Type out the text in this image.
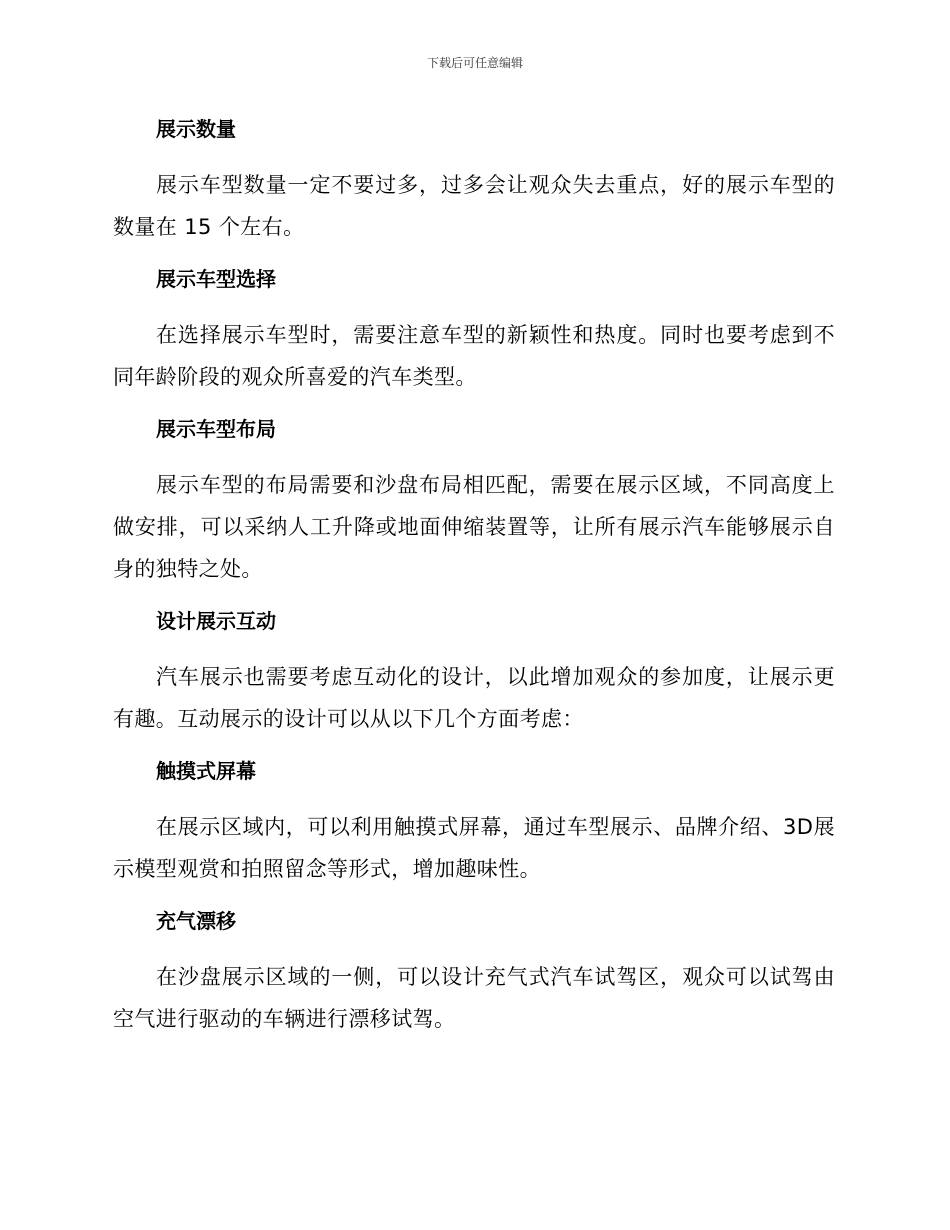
下载后可任意编辑
展示数量
展示车型数量一定不要过多，过多会让观众失去重点，好的展示车型的数量在 15 个左右。
展示车型选择
在选择展示车型时，需要注意车型的新颖性和热度。同时也要考虑到不同年龄阶段的观众所喜爱的汽车类型。
展示车型布局
展示车型的布局需要和沙盘布局相匹配，需要在展示区域，不同高度上做安排，可以采纳人工升降或地面伸缩装置等，让所有展示汽车能够展示自身的独特之处。
设计展示互动
汽车展示也需要考虑互动化的设计，以此增加观众的参加度，让展示更有趣。互动展示的设计可以从以下几个方面考虑：
触摸式屏幕
在展示区域内，可以利用触摸式屏幕，通过车型展示、品牌介绍、3D展示模型观赏和拍照留念等形式，增加趣味性。
充气漂移
在沙盘展示区域的一侧，可以设计充气式汽车试驾区，观众可以试驾由空气进行驱动的车辆进行漂移试驾。
